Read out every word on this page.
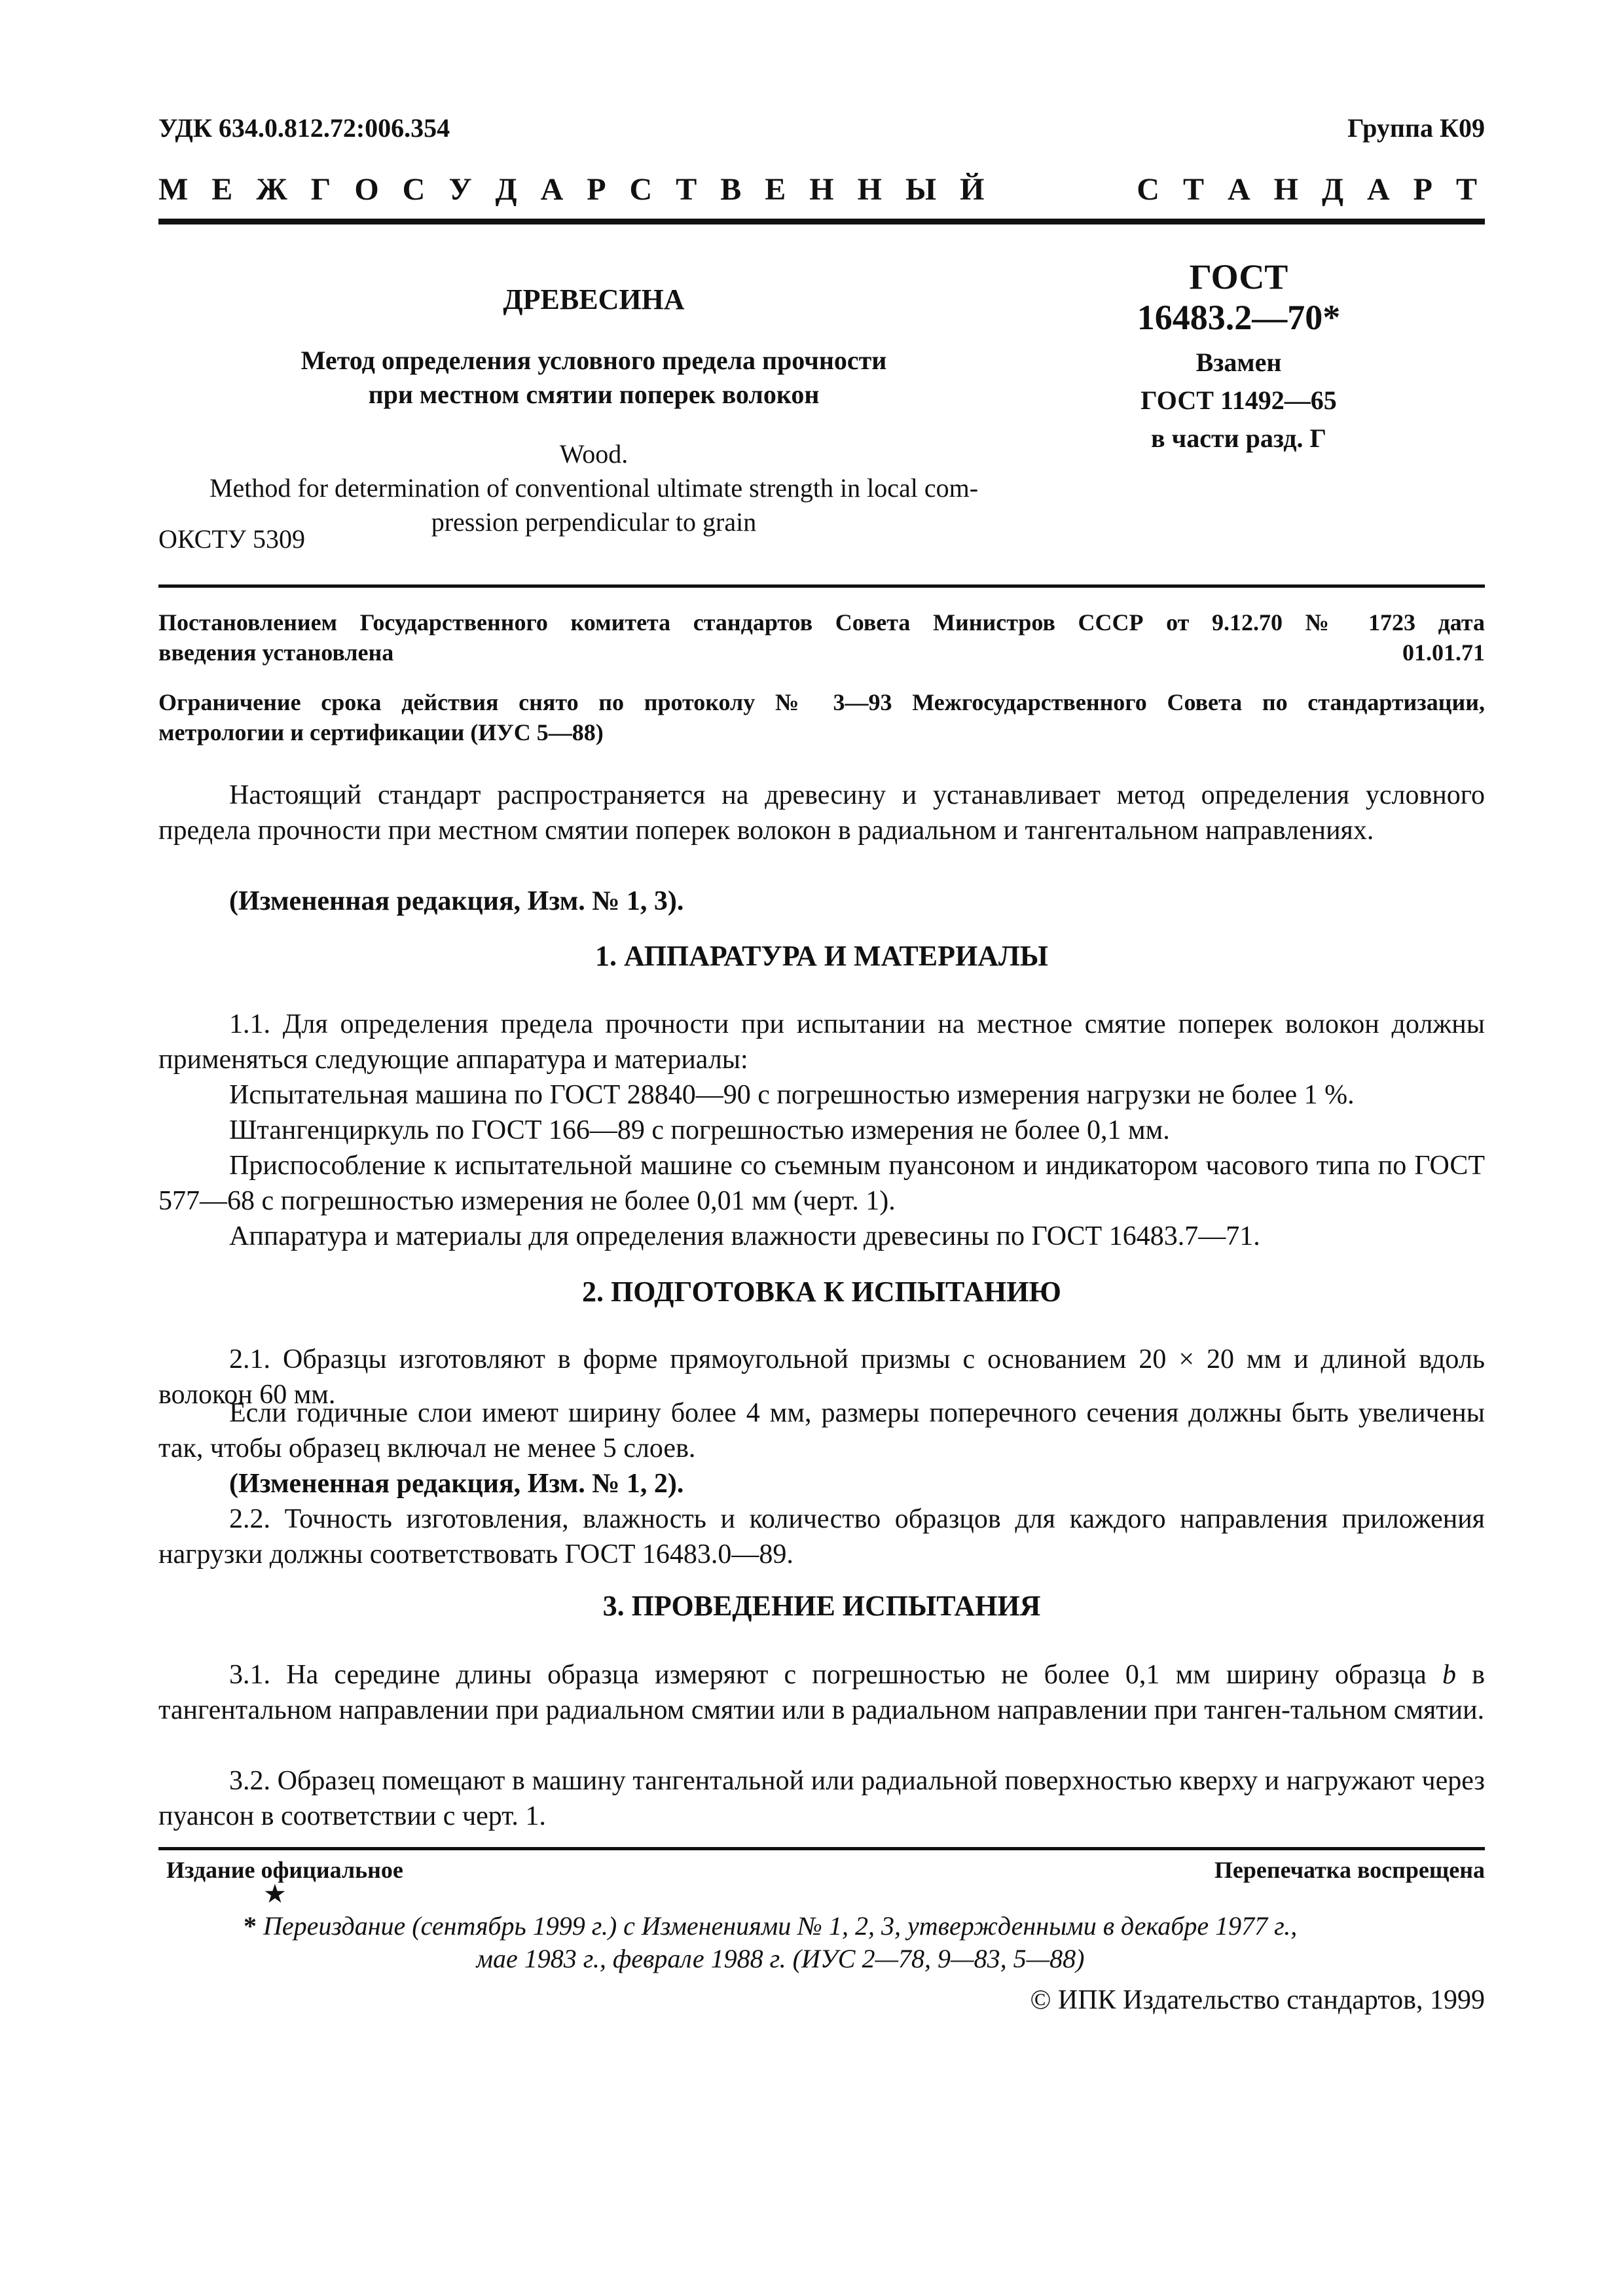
УДК 634.0.812.72:006.354	Группа К09
М Е Ж Г О С У Д А Р С Т В Е Н Н Ы Й	С Т А Н Д А Р Т
ДРЕВЕСИНА
Метод определения условного предела прочности
при местном смятии поперек волокон
Wood.
Method for determination of conventional ultimate strength in local com-
pression perpendicular to grain
ОКСТУ 5309
ГОСТ
16483.2—70*
Взамен
ГОСТ 11492—65
в части разд. Г
Постановлением Государственного комитета стандартов Совета Министров СССР от 9.12.70 № 1723 дата
введения установлена	01.01.71
Ограничение срока действия снято по протоколу № 3—93 Межгосударственного Совета по стандартизации,
метрологии и сертификации (ИУС 5—88)
Настоящий стандарт распространяется на древесину и устанавливает метод определения условного предела прочности при местном смятии поперек волокон в радиальном и тангентальном направлениях.
(Измененная редакция, Изм. № 1, 3).
1. АППАРАТУРА И МАТЕРИАЛЫ
1.1. Для определения предела прочности при испытании на местное смятие поперек волокон должны применяться следующие аппаратура и материалы:
Испытательная машина по ГОСТ 28840—90 с погрешностью измерения нагрузки не более 1 %.
Штангенциркуль по ГОСТ 166—89 с погрешностью измерения не более 0,1 мм.
Приспособление к испытательной машине со съемным пуансоном и индикатором часового типа по ГОСТ 577—68 с погрешностью измерения не более 0,01 мм (черт. 1).
Аппаратура и материалы для определения влажности древесины по ГОСТ 16483.7—71.
2. ПОДГОТОВКА К ИСПЫТАНИЮ
2.1. Образцы изготовляют в форме прямоугольной призмы с основанием 20 × 20 мм и длиной вдоль волокон 60 мм.
Если годичные слои имеют ширину более 4 мм, размеры поперечного сечения должны быть увеличены так, чтобы образец включал не менее 5 слоев.
(Измененная редакция, Изм. № 1, 2).
2.2. Точность изготовления, влажность и количество образцов для каждого направления приложения нагрузки должны соответствовать ГОСТ 16483.0—89.
3. ПРОВЕДЕНИЕ ИСПЫТАНИЯ
3.1. На середине длины образца измеряют с погрешностью не более 0,1 мм ширину образца b в тангентальном направлении при радиальном смятии или в радиальном направлении при танген-тальном смятии.
3.2. Образец помещают в машину тангентальной или радиальной поверхностью кверху и нагружают через пуансон в соответствии с черт. 1.
Издание официальное	Перепечатка воспрещена
★
* Переиздание (сентябрь 1999 г.) с Изменениями № 1, 2, 3, утвержденными в декабре 1977 г.,
мае 1983 г., феврале 1988 г. (ИУС 2—78, 9—83, 5—88)
© ИПК Издательство стандартов, 1999
